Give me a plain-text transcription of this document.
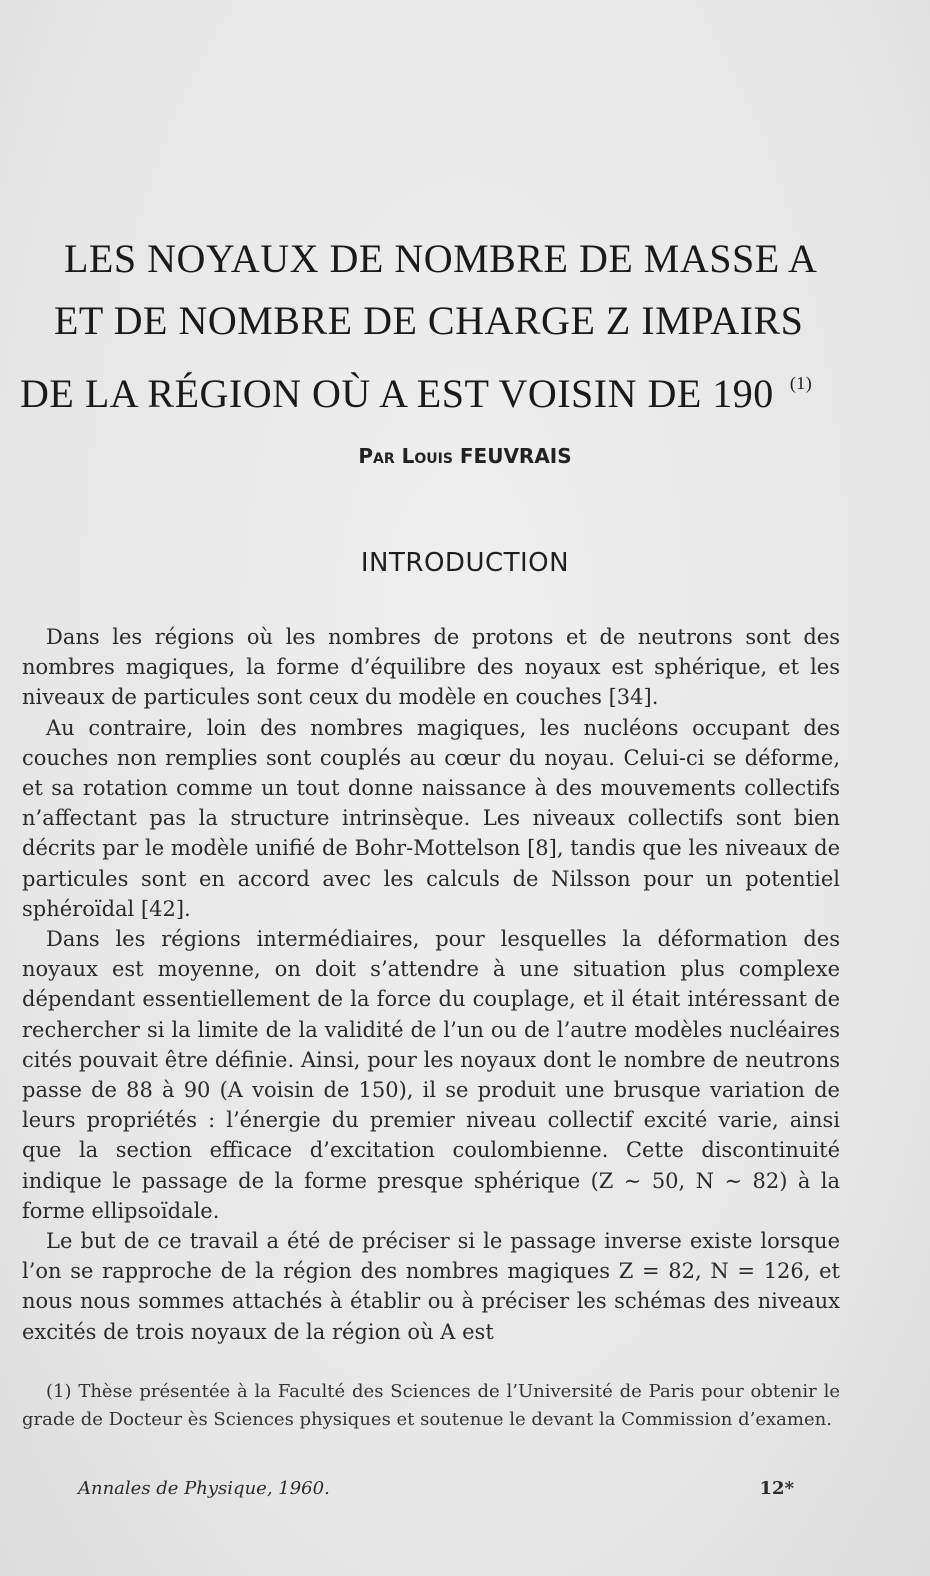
LES NOYAUX DE NOMBRE DE MASSE A
ET DE NOMBRE DE CHARGE Z IMPAIRS
DE LA RÉGION OÙ A EST VOISIN DE 190 $^{(1)}$
Par Louis FEUVRAIS
INTRODUCTION

Dans les régions où les nombres de protons et de neutrons sont des nombres magiques, la forme d’équilibre des noyaux est sphérique, et les niveaux de particules sont ceux du modèle en couches [34].

Au contraire, loin des nombres magiques, les nucléons occupant des couches non remplies sont couplés au cœur du noyau. Celui-ci se déforme, et sa rotation comme un tout donne naissance à des mouvements collectifs n’affectant pas la structure intrinsèque. Les niveaux collectifs sont bien décrits par le modèle unifié de Bohr-Mottelson [8], tandis que les niveaux de particules sont en accord avec les calculs de Nilsson pour un potentiel sphéroïdal [42].

Dans les régions intermédiaires, pour lesquelles la déformation des noyaux est moyenne, on doit s’attendre à une situation plus complexe dépendant essentiellement de la force du couplage, et il était intéressant de rechercher si la limite de la validité de l’un ou de l’autre modèles nucléaires cités pouvait être définie. Ainsi, pour les noyaux dont le nombre de neutrons passe de 88 à 90 (A voisin de 150), il se produit une brusque variation de leurs propriétés : l’énergie du premier niveau collectif excité varie, ainsi que la section efficace d’excitation coulombienne. Cette discontinuité indique le passage de la forme presque sphérique (Z ∼ 50, N ∼ 82) à la forme ellipsoïdale.

Le but de ce travail a été de préciser si le passage inverse existe lorsque l’on se rapproche de la région des nombres magiques Z = 82, N = 126, et nous nous sommes attachés à établir ou à préciser les schémas des niveaux excités de trois noyaux de la région où A est

(1) Thèse présentée à la Faculté des Sciences de l’Université de Paris pour obtenir le grade de Docteur ès Sciences physiques et soutenue le devant la Commission d’examen.

Annales de Physique, 1960.	12*
